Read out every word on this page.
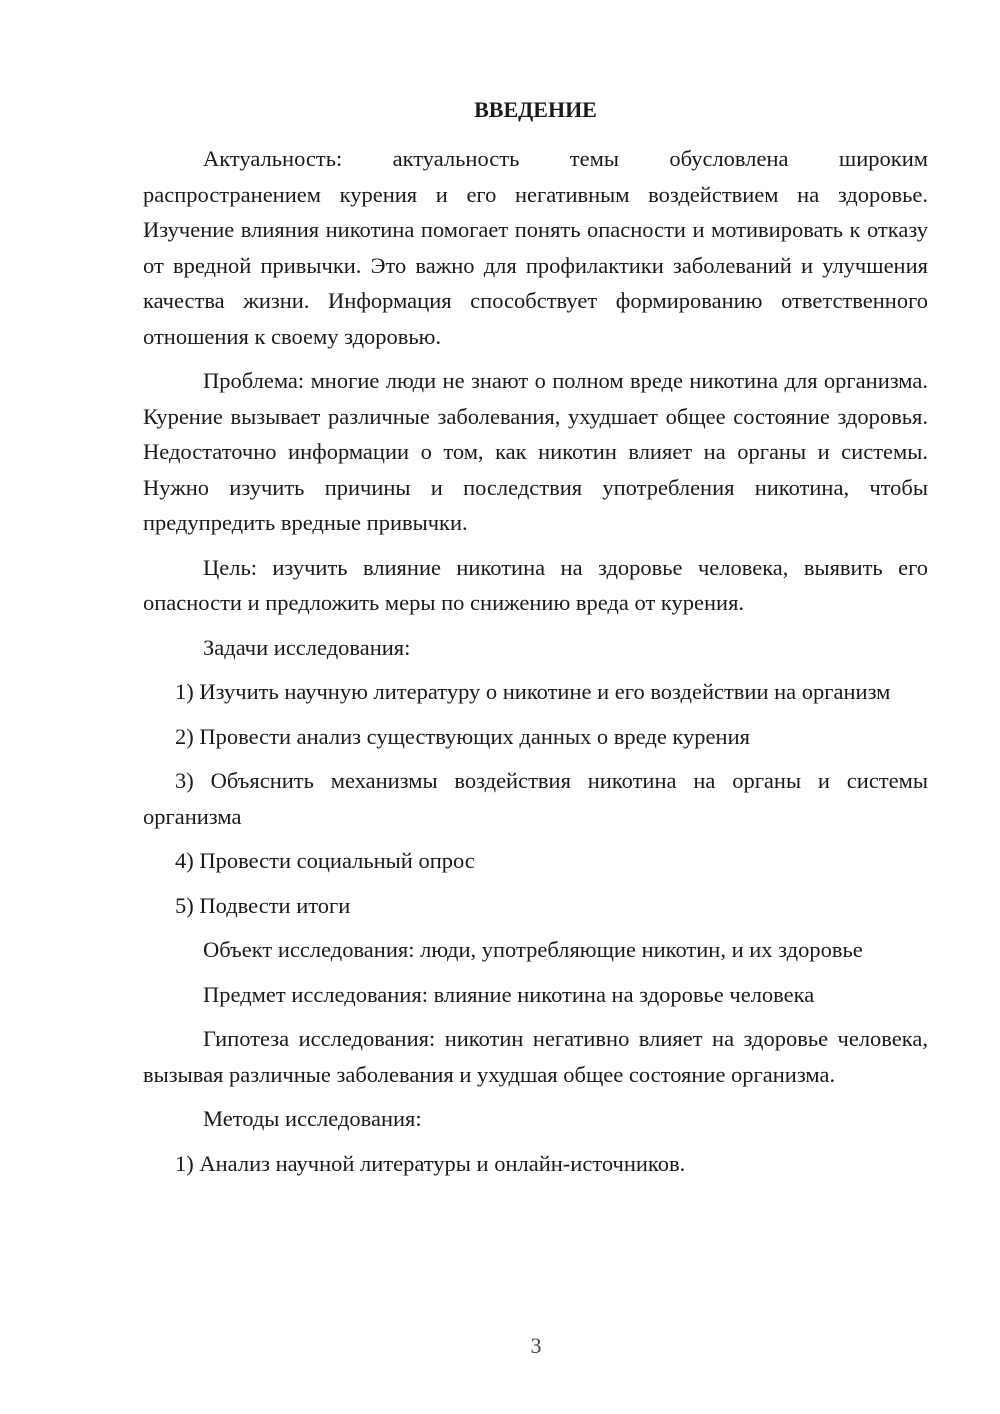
ВВЕДЕНИЕ

Актуальность: актуальность темы обусловлена широким распространением курения и его негативным воздействием на здоровье. Изучение влияния никотина помогает понять опасности и мотивировать к отказу от вредной привычки. Это важно для профилактики заболеваний и улучшения качества жизни. Информация способствует формированию ответственного отношения к своему здоровью.

Проблема: многие люди не знают о полном вреде никотина для организма. Курение вызывает различные заболевания, ухудшает общее состояние здоровья. Недостаточно информации о том, как никотин влияет на органы и системы. Нужно изучить причины и последствия употребления никотина, чтобы предупредить вредные привычки.

Цель: изучить влияние никотина на здоровье человека, выявить его опасности и предложить меры по снижению вреда от курения.

Задачи исследования:

1) Изучить научную литературу о никотине и его воздействии на организм

2) Провести анализ существующих данных о вреде курения

3) Объяснить механизмы воздействия никотина на органы и системы организма

4) Провести социальный опрос

5) Подвести итоги

Объект исследования: люди, употребляющие никотин, и их здоровье

Предмет исследования: влияние никотина на здоровье человека

Гипотеза исследования: никотин негативно влияет на здоровье человека, вызывая различные заболевания и ухудшая общее состояние организма.

Методы исследования:

1) Анализ научной литературы и онлайн-источников.

3
